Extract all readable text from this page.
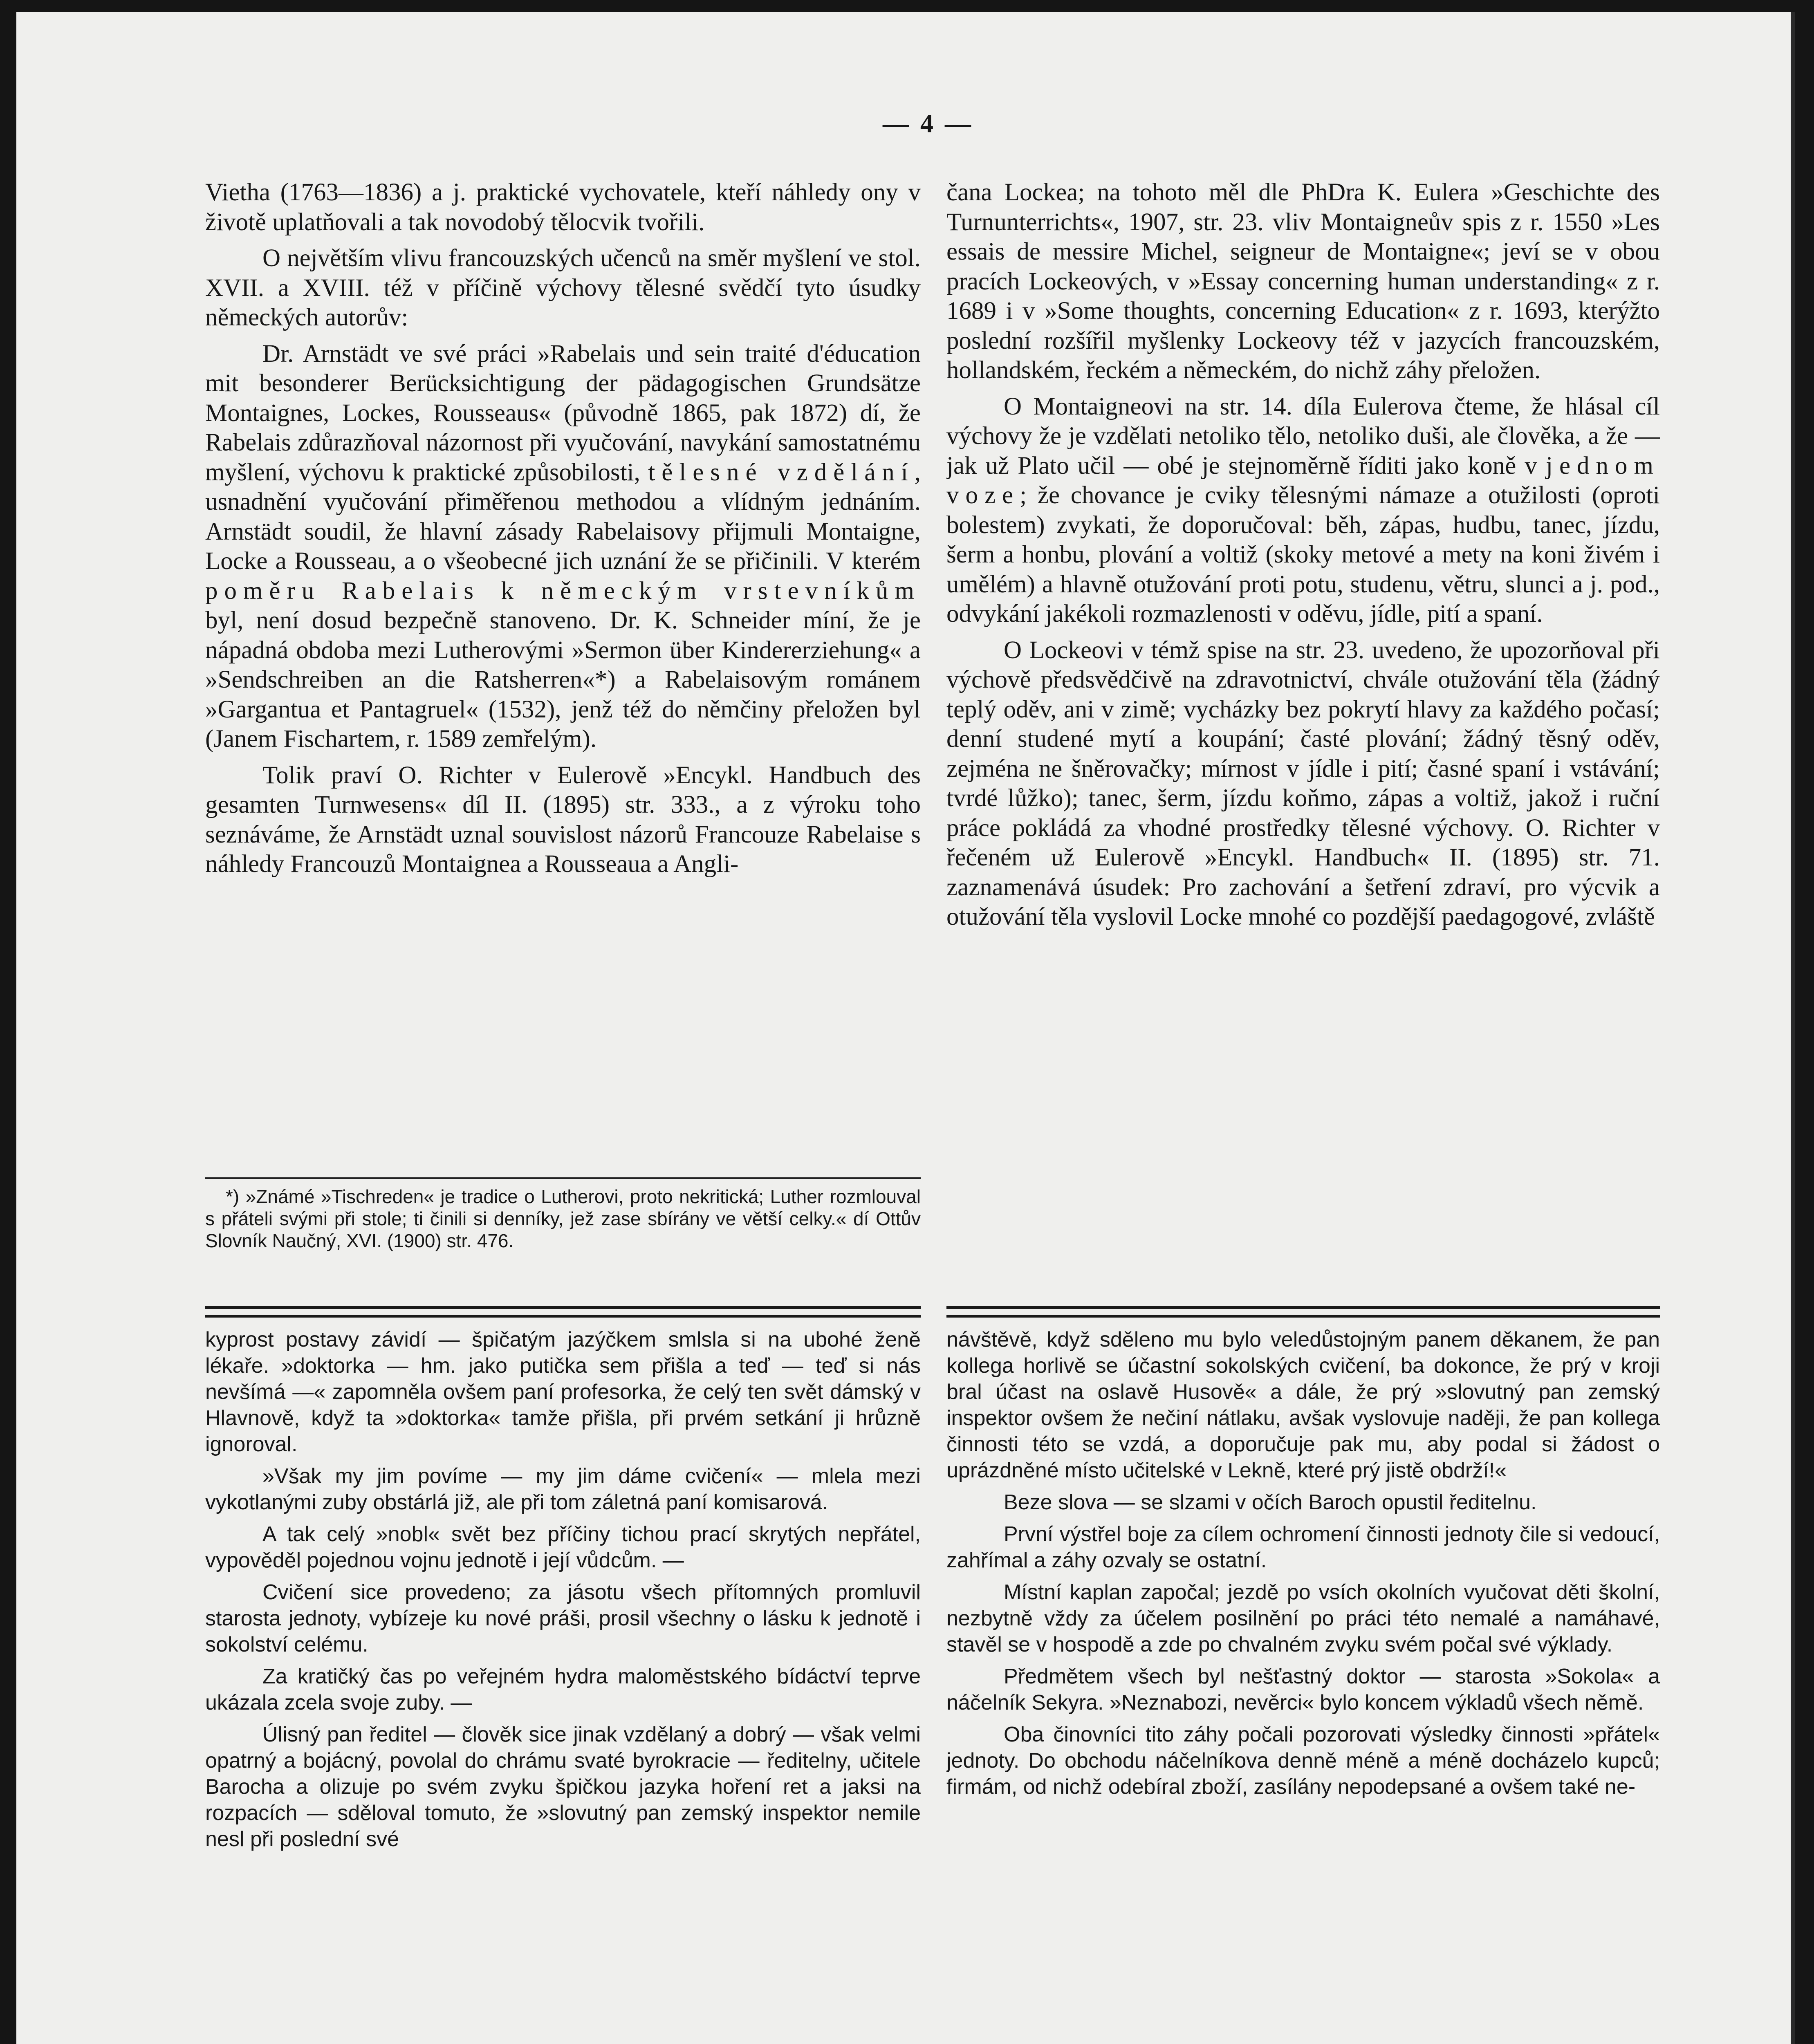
— 4 —

Vietha (1763—1836) a j. praktické vychovatele, kteří náhledy ony v životě uplatňovali a tak novodobý tělocvik tvořili.

O největším vlivu francouzských učenců na směr myšlení ve stol. XVII. a XVIII. též v příčině výchovy tělesné svědčí tyto úsudky německých autorův:

Dr. Arnstädt ve své práci »Rabelais und sein traité d'éducation mit besonderer Berücksichtigung der pädagogischen Grundsätze Montaignes, Lockes, Rousseaus« (původně 1865, pak 1872) dí, že Rabelais zdůrazňoval názornost při vyučování, navykání samostatnému myšlení, výchovu k praktické způsobilosti, tělesné vzdělání, usnadnění vyučování přiměřenou methodou a vlídným jednáním. Arnstädt soudil, že hlavní zásady Rabelaisovy přijmuli Montaigne, Locke a Rousseau, a o všeobecné jich uznání že se přičinili. V kterém poměru Rabelais k německým vrstevníkům byl, není dosud bezpečně stanoveno. Dr. K. Schneider míní, že je nápadná obdoba mezi Lutherovými »Sermon über Kindererziehung« a »Sendschreiben an die Ratsherren«*) a Rabelaisovým románem »Gargantua et Pantagruel« (1532), jenž též do němčiny přeložen byl (Janem Fischartem, r. 1589 zemřelým).

Tolik praví O. Richter v Eulerově »Encykl. Handbuch des gesamten Turnwesens« díl II. (1895) str. 333., a z výroku toho seznáváme, že Arnstädt uznal souvislost názorů Francouze Rabelaise s náhledy Francouzů Montaignea a Rousseaua a Angli-

*) »Známé »Tischreden« je tradice o Lutherovi, proto nekritická; Luther rozmlouval s přáteli svými při stole; ti činili si denníky, jež zase sbírány ve větší celky.« dí Ottův Slovník Naučný, XVI. (1900) str. 476.

čana Lockea; na tohoto měl dle PhDra K. Eulera »Geschichte des Turnunterrichts«, 1907, str. 23. vliv Montaigneův spis z r. 1550 »Les essais de messire Michel, seigneur de Montaigne«; jeví se v obou pracích Lockeových, v »Essay concerning human understanding« z r. 1689 i v »Some thoughts, concerning Education« z r. 1693, kterýžto poslední rozšířil myšlenky Lockeovy též v jazycích francouzském, hollandském, řeckém a německém, do nichž záhy přeložen.

O Montaigneovi na str. 14. díla Eulerova čteme, že hlásal cíl výchovy že je vzdělati netoliko tělo, netoliko duši, ale člověka, a že — jak už Plato učil — obé je stejnoměrně říditi jako koně v jednom voze; že chovance je cviky tělesnými námaze a otužilosti (oproti bolestem) zvykati, že doporučoval: běh, zápas, hudbu, tanec, jízdu, šerm a honbu, plování a voltiž (skoky metové a mety na koni živém i umělém) a hlavně otužování proti potu, studenu, větru, slunci a j. pod., odvykání jakékoli rozmazlenosti v oděvu, jídle, pití a spaní.

O Lockeovi v témž spise na str. 23. uvedeno, že upozorňoval při výchově předsvědčivě na zdravotnictví, chvále otužování těla (žádný teplý oděv, ani v zimě; vycházky bez pokrytí hlavy za každého počasí; denní studené mytí a koupání; časté plování; žádný těsný oděv, zejména ne šněrovačky; mírnost v jídle i pití; časné spaní i vstávání; tvrdé lůžko); tanec, šerm, jízdu koňmo, zápas a voltiž, jakož i ruční práce pokládá za vhodné prostředky tělesné výchovy. O. Richter v řečeném už Eulerově »Encykl. Handbuch« II. (1895) str. 71. zaznamenává úsudek: Pro zachování a šetření zdraví, pro výcvik a otužování těla vyslovil Locke mnohé co pozdější paedagogové, zvláště

kyprost postavy závidí — špičatým jazýčkem smlsla si na ubohé ženě lékaře. »doktorka — hm. jako putička sem přišla a teď — teď si nás nevšímá —« zapomněla ovšem paní profesorka, že celý ten svět dámský v Hlavnově, když ta »doktorka« tamže přišla, při prvém setkání ji hrůzně ignoroval.

»Však my jim povíme — my jim dáme cvičení« — mlela mezi vykotlanými zuby obstárlá již, ale při tom záletná paní komisarová.

A tak celý »nobl« svět bez příčiny tichou prací skrytých nepřátel, vypověděl pojednou vojnu jednotě i její vůdcům. —

Cvičení sice provedeno; za jásotu všech přítomných promluvil starosta jednoty, vybízeje ku nové práši, prosil všechny o lásku k jednotě i sokolství celému.

Za kratičký čas po veřejném hydra maloměstského bídáctví teprve ukázala zcela svoje zuby. —

Úlisný pan ředitel — člověk sice jinak vzdělaný a dobrý — však velmi opatrný a bojácný, povolal do chrámu svaté byrokracie — ředitelny, učitele Barocha a olizuje po svém zvyku špičkou jazyka hoření ret a jaksi na rozpacích — sděloval tomuto, že »slovutný pan zemský inspektor nemile nesl při poslední své

návštěvě, když sděleno mu bylo veledůstojným panem děkanem, že pan kollega horlivě se účastní sokolských cvičení, ba dokonce, že prý v kroji bral účast na oslavě Husově« a dále, že prý »slovutný pan zemský inspektor ovšem že nečiní nátlaku, avšak vyslovuje naději, že pan kollega činnosti této se vzdá, a doporučuje pak mu, aby podal si žádost o uprázdněné místo učitelské v Lekně, které prý jistě obdrží!«

Beze slova — se slzami v očích Baroch opustil ředitelnu.

První výstřel boje za cílem ochromení činnosti jednoty čile si vedoucí, zahřímal a záhy ozvaly se ostatní.

Místní kaplan započal; jezdě po vsích okolních vyučovat děti školní, nezbytně vždy za účelem posilnění po práci této nemalé a namáhavé, stavěl se v hospodě a zde po chvalném zvyku svém počal své výklady.

Předmětem všech byl nešťastný doktor — starosta »Sokola« a náčelník Sekyra. »Neznabozi, nevěrci« bylo koncem výkladů všech němě.

Oba činovníci tito záhy počali pozorovati výsledky činnosti »přátel« jednoty. Do obchodu náčelníkova denně méně a méně docházelo kupců; firmám, od nichž odebíral zboží, zasílány nepodepsané a ovšem také ne-
